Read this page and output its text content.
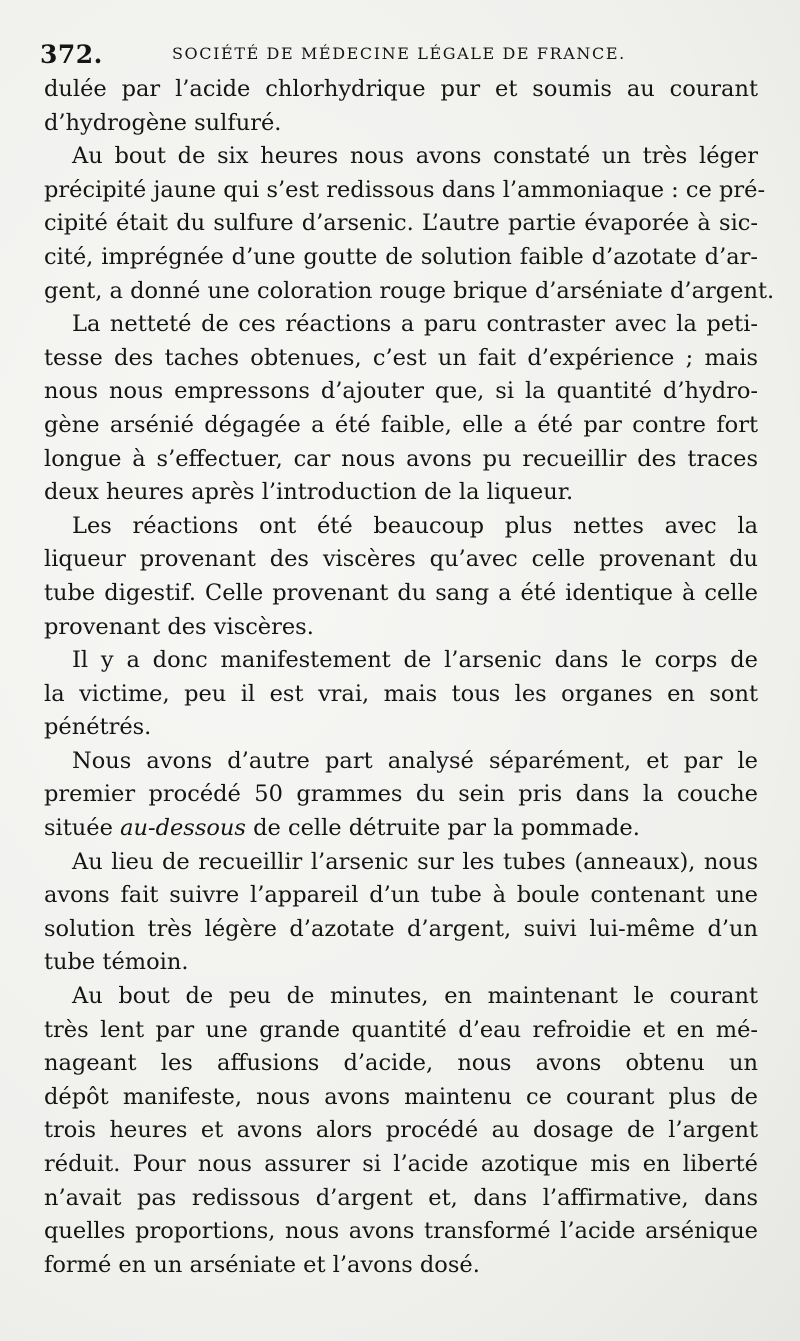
372.	SOCIÉTÉ DE MÉDECINE LÉGALE DE FRANCE.
dulée par l’acide chlorhydrique pur et soumis au courant
d’hydrogène sulfuré.
Au bout de six heures nous avons constaté un très léger
précipité jaune qui s’est redissous dans l’ammoniaque : ce pré-
cipité était du sulfure d’arsenic. L’autre partie évaporée à sic-
cité, imprégnée d’une goutte de solution faible d’azotate d’ar-
gent, a donné une coloration rouge brique d’arséniate d’argent.
La netteté de ces réactions a paru contraster avec la peti-
tesse des taches obtenues, c’est un fait d’expérience ; mais
nous nous empressons d’ajouter que, si la quantité d’hydro-
gène arsénié dégagée a été faible, elle a été par contre fort
longue à s’effectuer, car nous avons pu recueillir des traces
deux heures après l’introduction de la liqueur.
Les réactions ont été beaucoup plus nettes avec la
liqueur provenant des viscères qu’avec celle provenant du
tube digestif. Celle provenant du sang a été identique à celle
provenant des viscères.
Il y a donc manifestement de l’arsenic dans le corps de
la victime, peu il est vrai, mais tous les organes en sont
pénétrés.
Nous avons d’autre part analysé séparément, et par le
premier procédé 50 grammes du sein pris dans la couche
située au-dessous de celle détruite par la pommade.
Au lieu de recueillir l’arsenic sur les tubes (anneaux), nous
avons fait suivre l’appareil d’un tube à boule contenant une
solution très légère d’azotate d’argent, suivi lui-même d’un
tube témoin.
Au bout de peu de minutes, en maintenant le courant
très lent par une grande quantité d’eau refroidie et en mé-
nageant les affusions d’acide, nous avons obtenu un
dépôt manifeste, nous avons maintenu ce courant plus de
trois heures et avons alors procédé au dosage de l’argent
réduit. Pour nous assurer si l’acide azotique mis en liberté
n’avait pas redissous d’argent et, dans l’affirmative, dans
quelles proportions, nous avons transformé l’acide arsénique
formé en un arséniate et l’avons dosé.
